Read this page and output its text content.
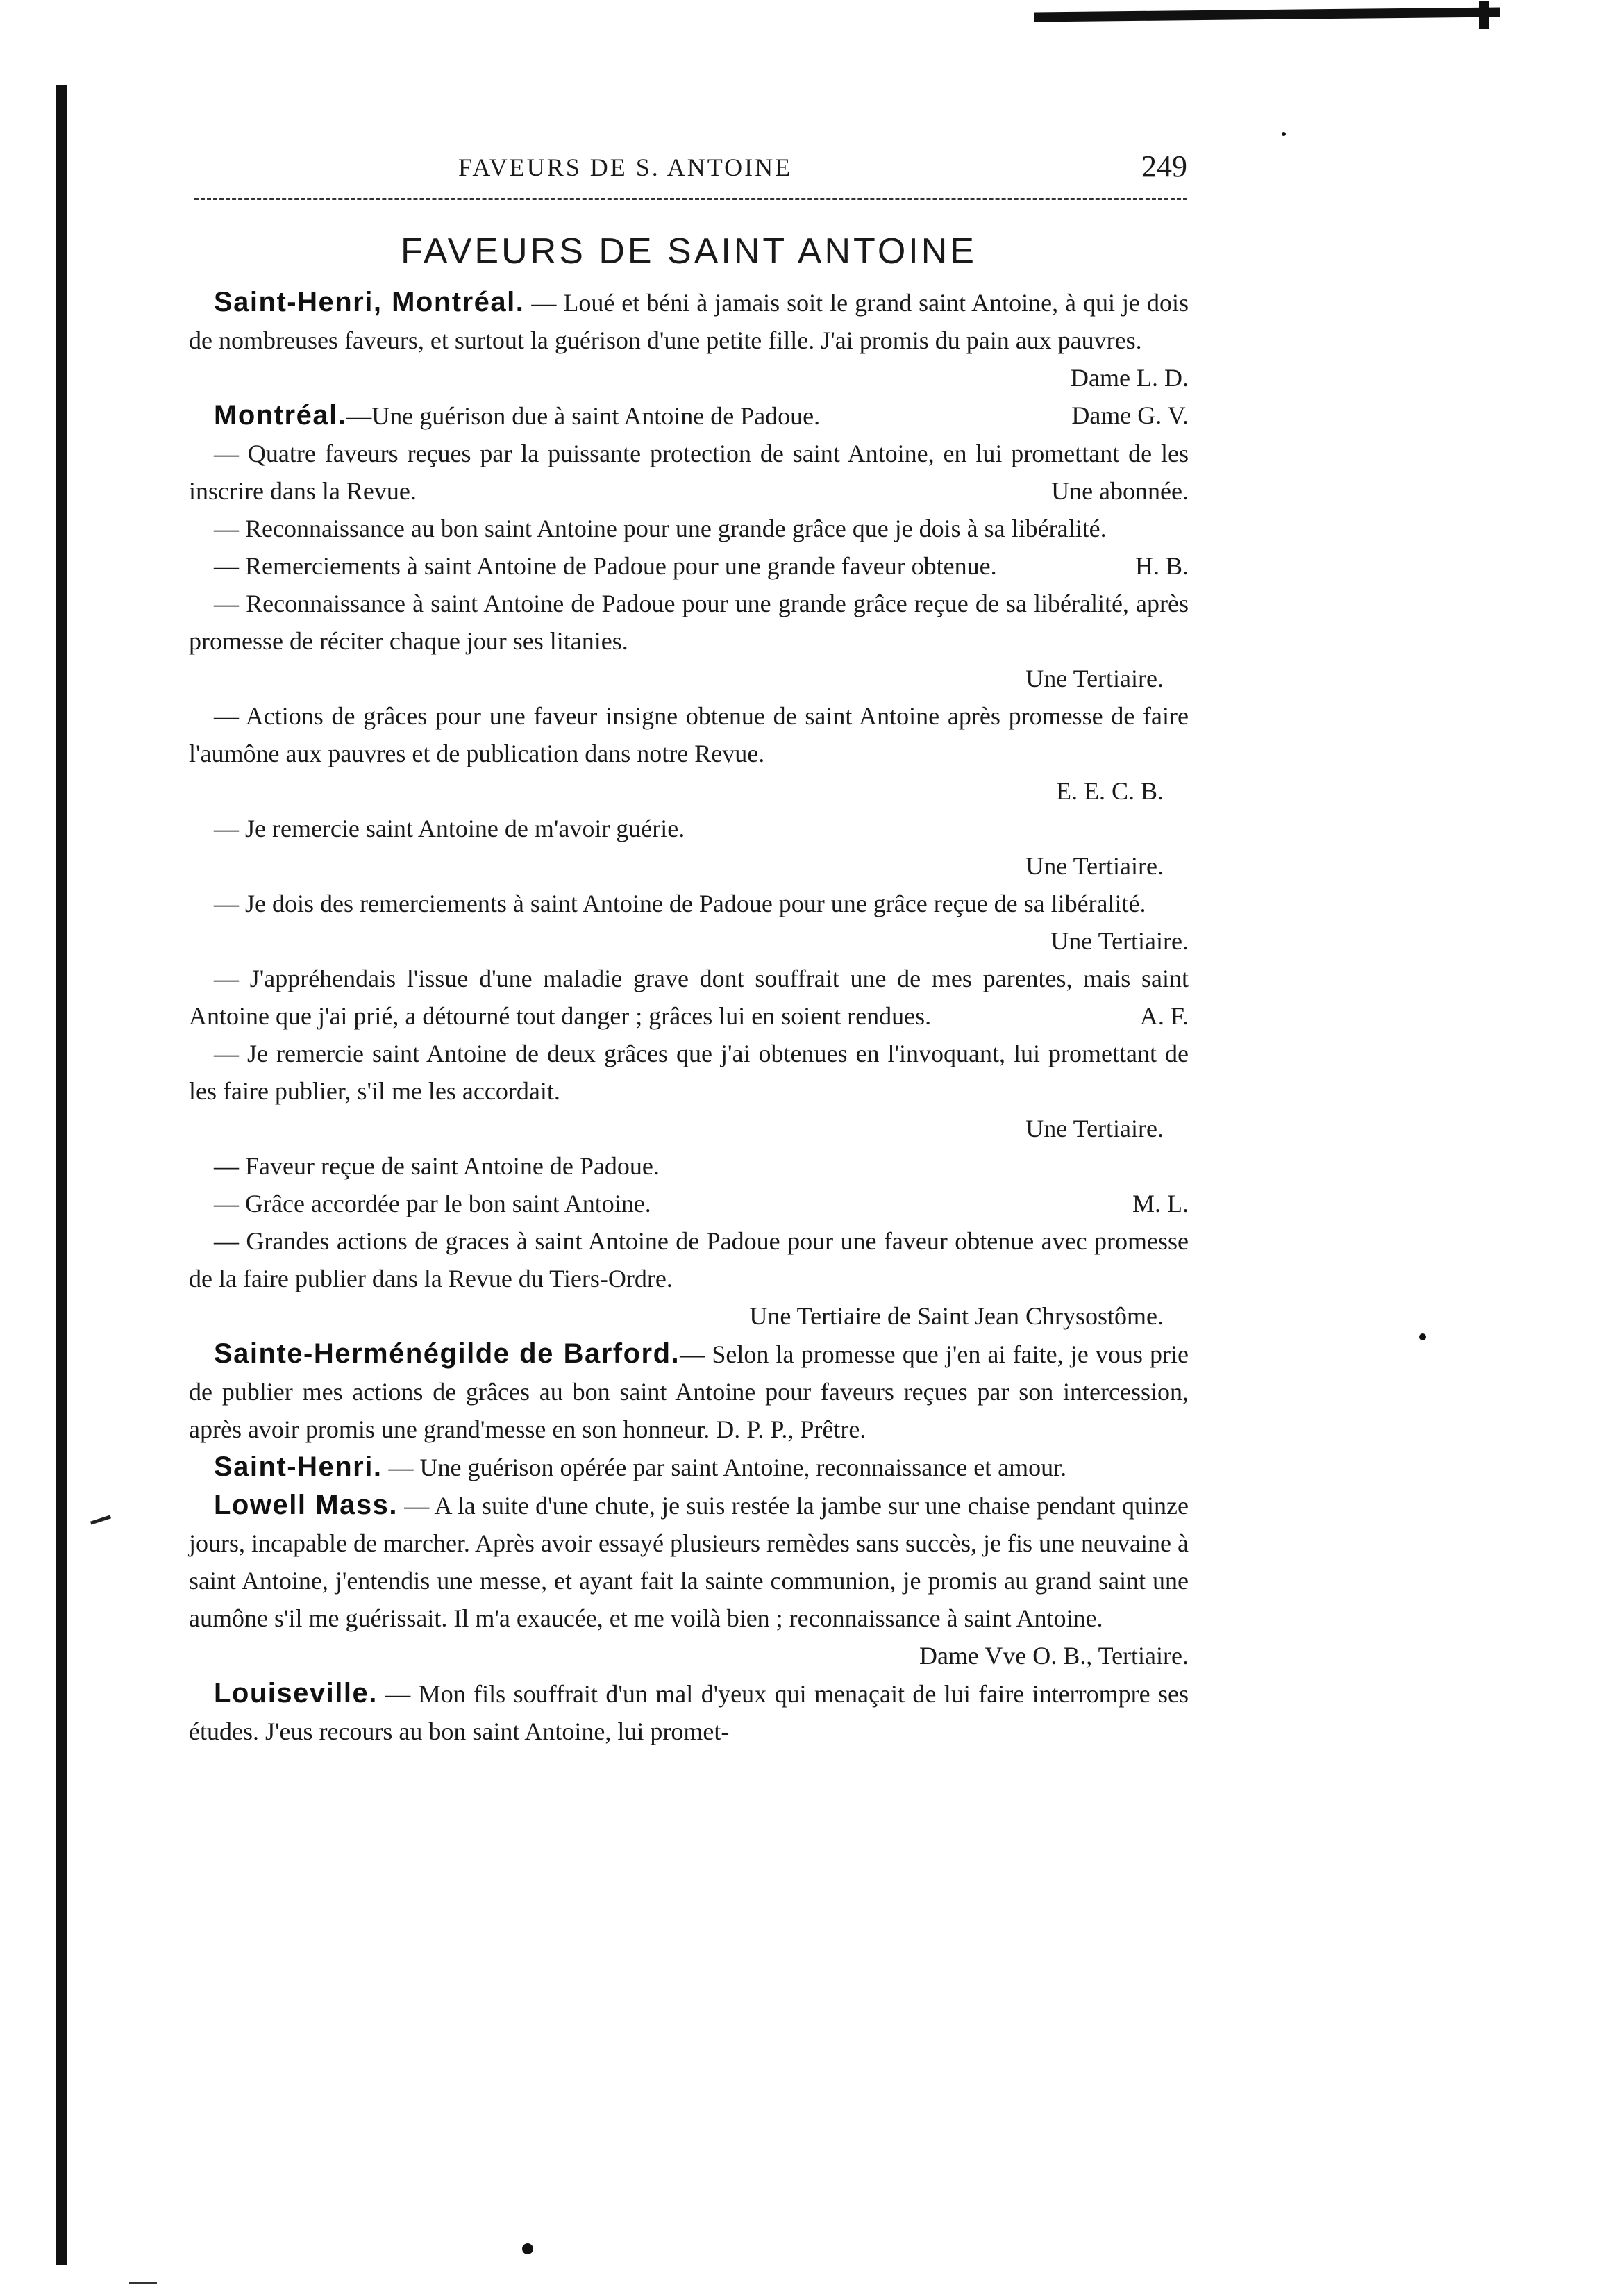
FAVEURS DE S. ANTOINE	249
FAVEURS DE SAINT ANTOINE

Saint-Henri, Montréal. — Loué et béni à jamais soit le grand saint Antoine, à qui je dois de nombreuses faveurs, et surtout la guérison d'une petite fille. J'ai promis du pain aux pauvres.
Dame L. D.

Montréal.—Une guérison due à saint Antoine de Padoue.	Dame G. V.

— Quatre faveurs reçues par la puissante protection de saint Antoine, en lui promettant de les inscrire dans la Revue.	Une abonnée.

— Reconnaissance au bon saint Antoine pour une grande grâce que je dois à sa libéralité.

— Remerciements à saint Antoine de Padoue pour une grande faveur obtenue.	H. B.

— Reconnaissance à saint Antoine de Padoue pour une grande grâce reçue de sa libéralité, après promesse de réciter chaque jour ses litanies.

Une Tertiaire.

— Actions de grâces pour une faveur insigne obtenue de saint Antoine après promesse de faire l'aumône aux pauvres et de publication dans notre Revue.

E. E. C. B.

— Je remercie saint Antoine de m'avoir guérie.

Une Tertiaire.

— Je dois des remerciements à saint Antoine de Padoue pour une grâce reçue de sa libéralité.
Une Tertiaire.

— J'appréhendais l'issue d'une maladie grave dont souffrait une de mes parentes, mais saint Antoine que j'ai prié, a détourné tout danger ; grâces lui en soient rendues.	A. F.

— Je remercie saint Antoine de deux grâces que j'ai obtenues en l'invoquant, lui promettant de les faire publier, s'il me les accordait.

Une Tertiaire.

— Faveur reçue de saint Antoine de Padoue.

— Grâce accordée par le bon saint Antoine.	M. L.

— Grandes actions de graces à saint Antoine de Padoue pour une faveur obtenue avec promesse de la faire publier dans la Revue du Tiers-Ordre.

Une Tertiaire de Saint Jean Chrysostôme.

Sainte-Herménégilde de Barford.— Selon la promesse que j'en ai faite, je vous prie de publier mes actions de grâces au bon saint Antoine pour faveurs reçues par son intercession, après avoir promis une grand'messe en son honneur. D. P. P., Prêtre.

Saint-Henri. — Une guérison opérée par saint Antoine, reconnaissance et amour.

Lowell Mass. — A la suite d'une chute, je suis restée la jambe sur une chaise pendant quinze jours, incapable de marcher. Après avoir essayé plusieurs remèdes sans succès, je fis une neuvaine à saint Antoine, j'entendis une messe, et ayant fait la sainte communion, je promis au grand saint une aumône s'il me guérissait. Il m'a exaucée, et me voilà bien ; reconnaissance à saint Antoine.
Dame Vve O. B., Tertiaire.

Louiseville. — Mon fils souffrait d'un mal d'yeux qui menaçait de lui faire interrompre ses études. J'eus recours au bon saint Antoine, lui promet-
